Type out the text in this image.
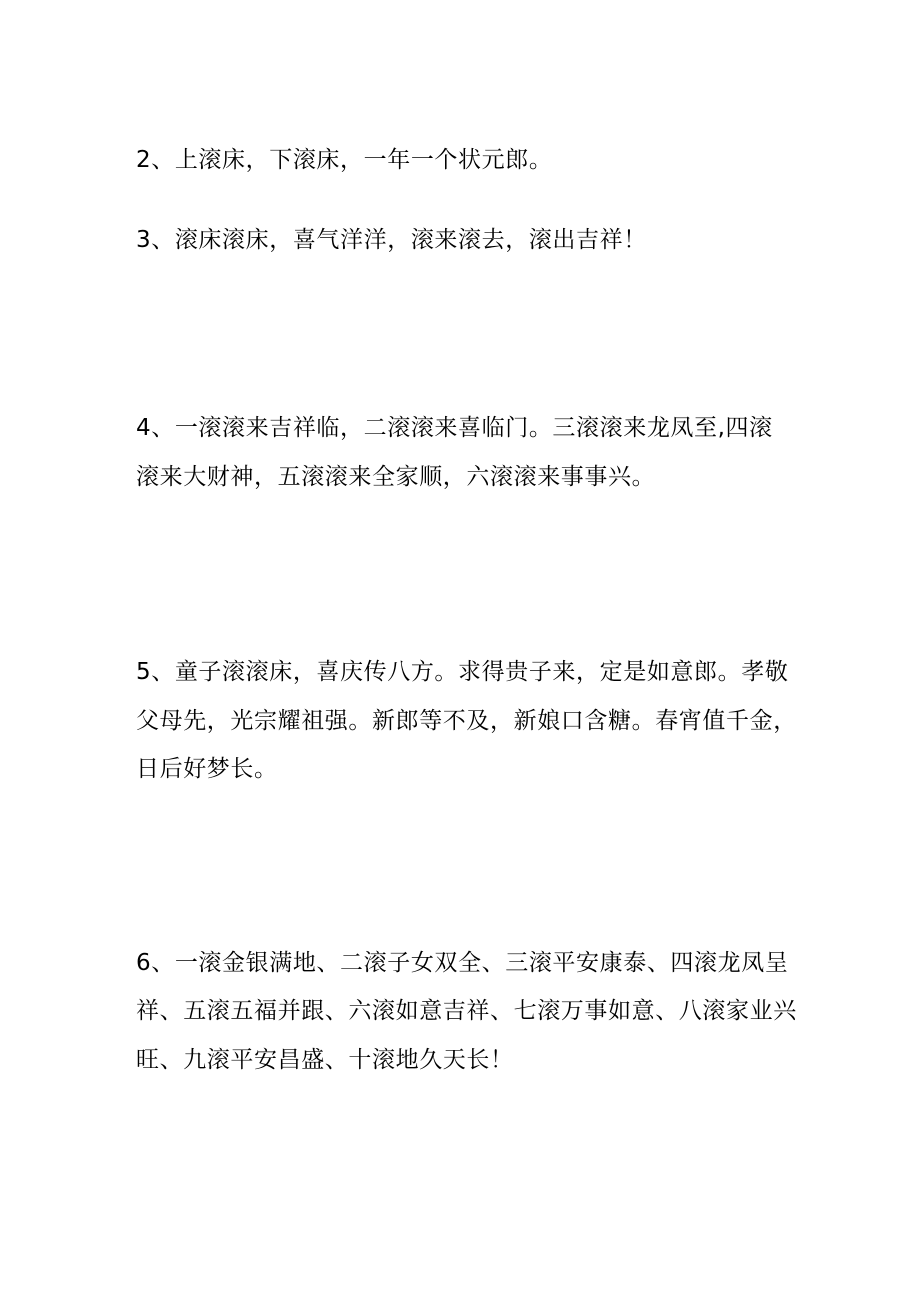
2、上滚床，下滚床，一年一个状元郎。

3、滚床滚床，喜气洋洋，滚来滚去，滚出吉祥！

4、一滚滚来吉祥临，二滚滚来喜临门。三滚滚来龙凤至,四滚

滚来大财神，五滚滚来全家顺，六滚滚来事事兴。

5、童子滚滚床，喜庆传八方。求得贵子来，定是如意郎。孝敬

父母先，光宗耀祖强。新郎等不及，新娘口含糖。春宵值千金，

日后好梦长。

6、一滚金银满地、二滚子女双全、三滚平安康泰、四滚龙凤呈

祥、五滚五福并跟、六滚如意吉祥、七滚万事如意、八滚家业兴

旺、九滚平安昌盛、十滚地久天长！
